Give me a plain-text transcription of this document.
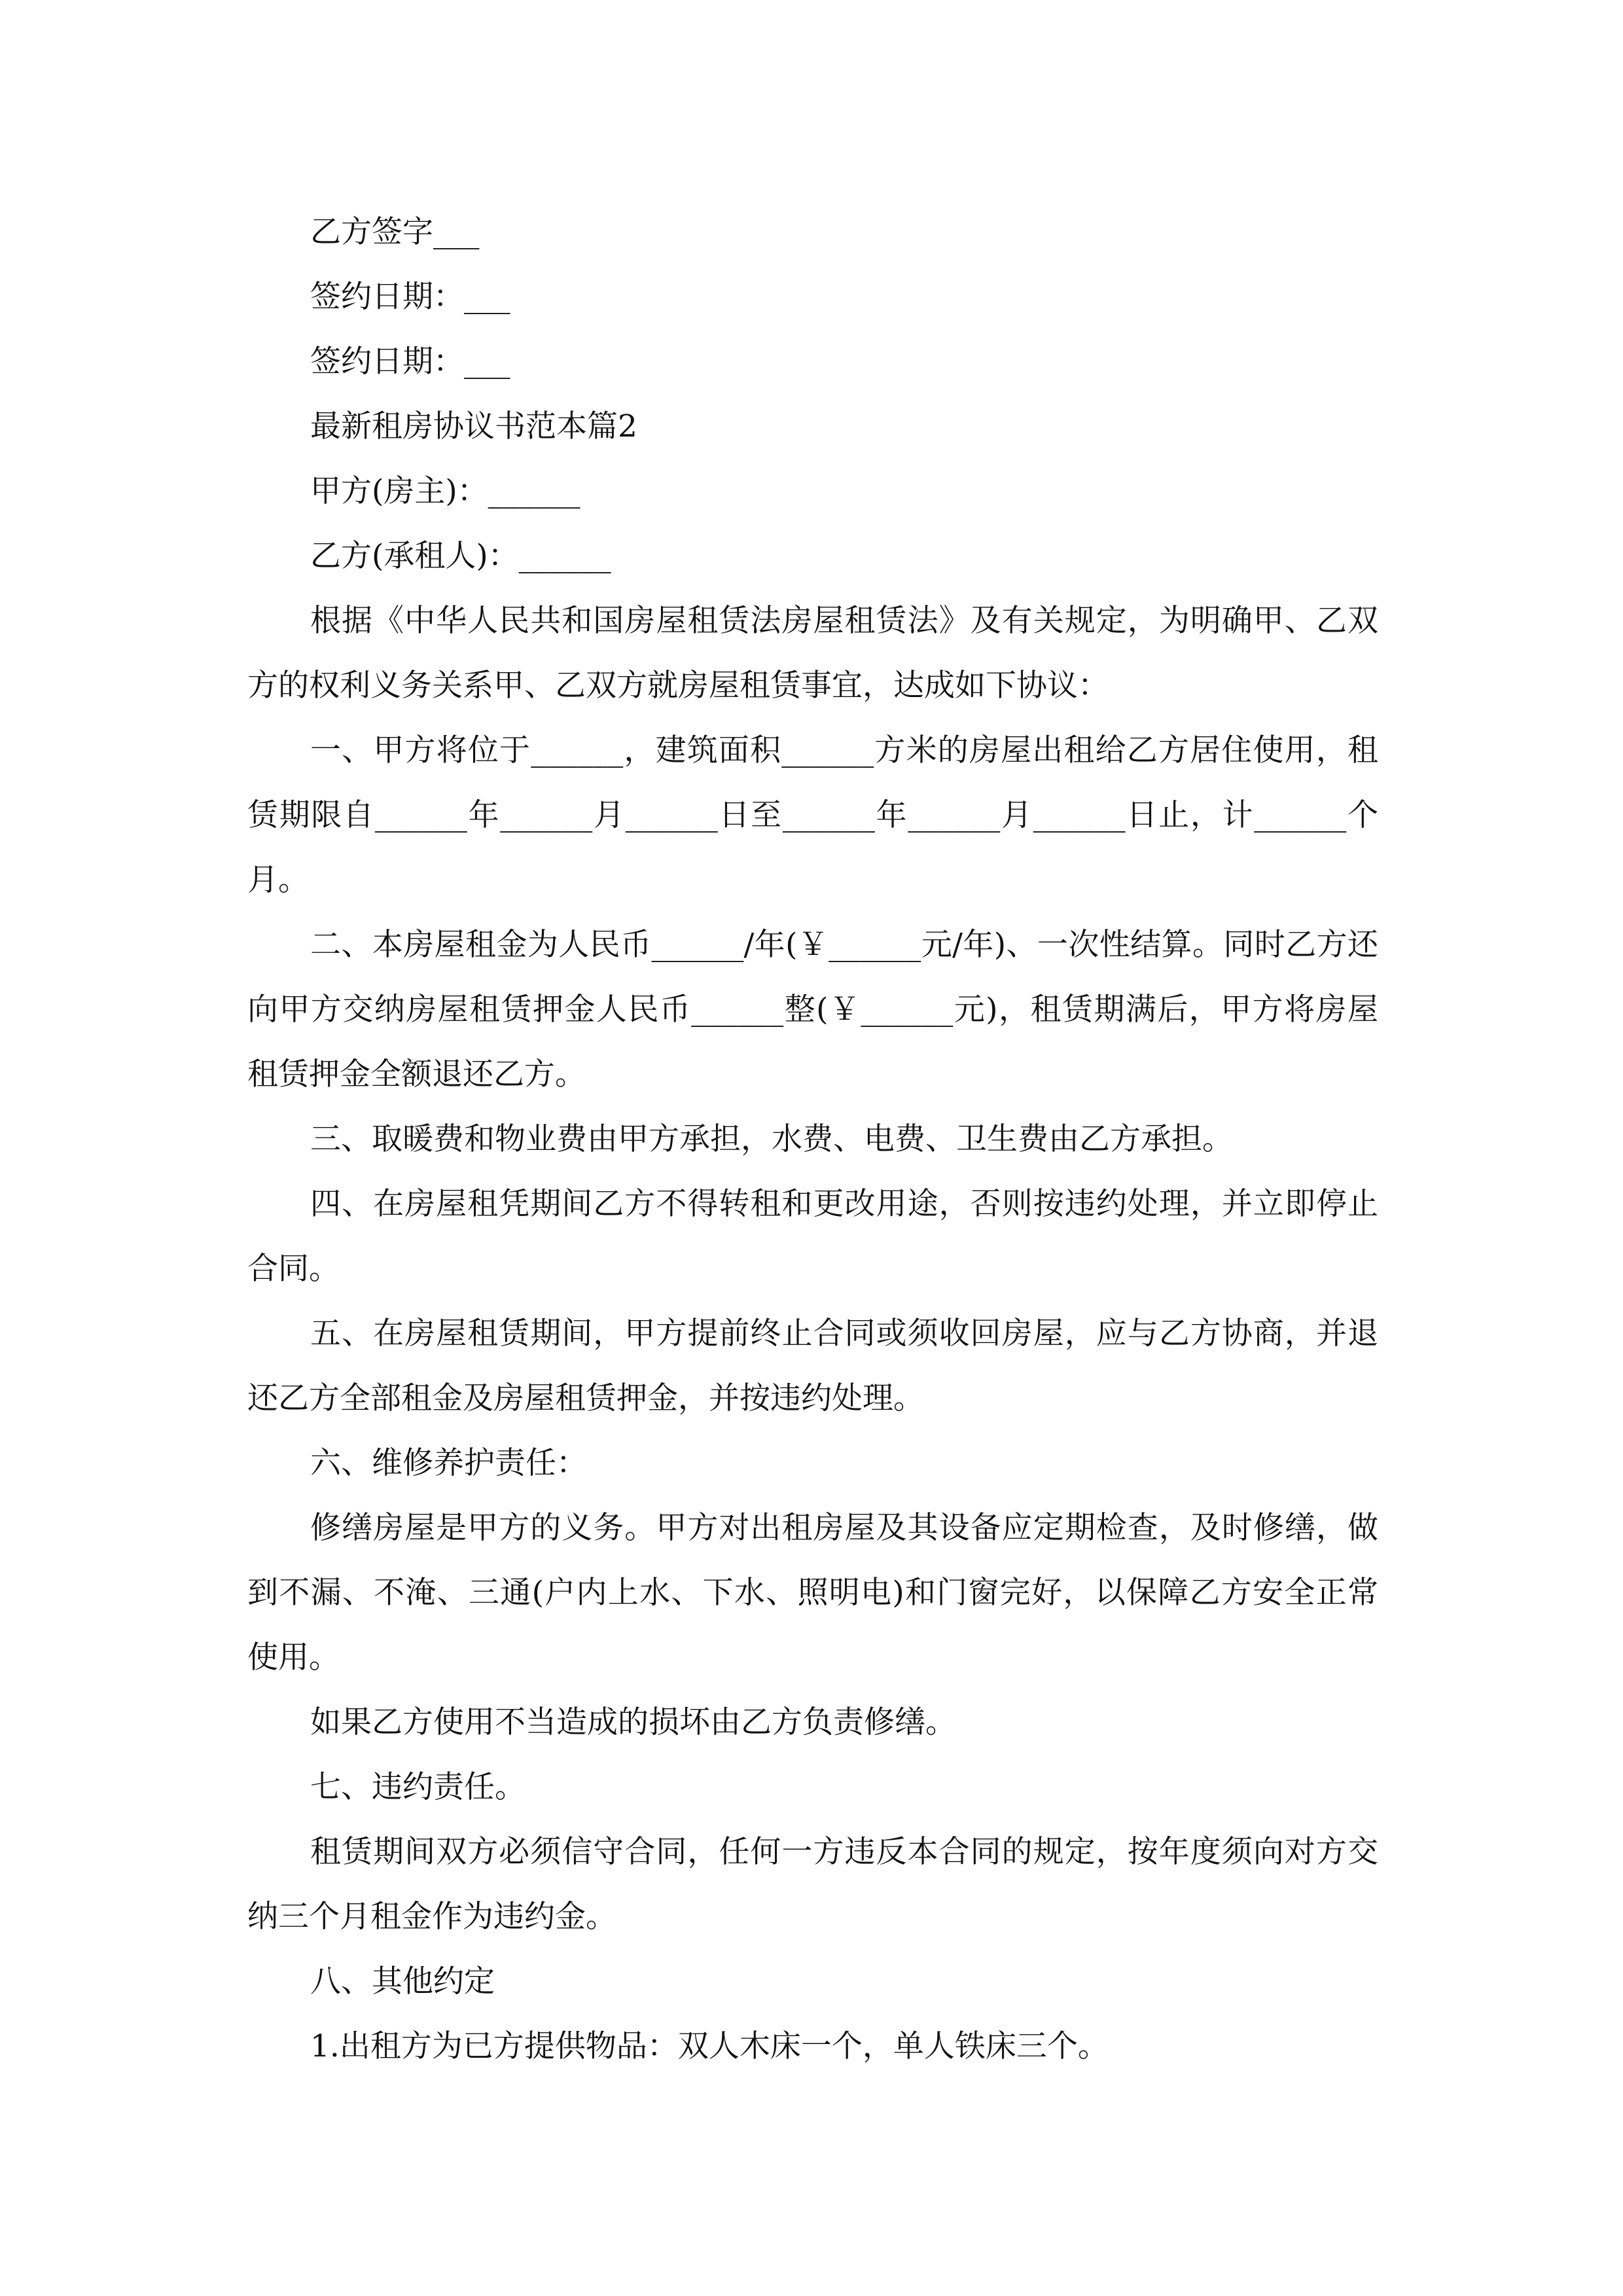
乙方签字___

签约日期：___

签约日期：___

最新租房协议书范本篇2

甲方(房主)：______

乙方(承租人)：______

根据《中华人民共和国房屋租赁法房屋租赁法》及有关规定，为明确甲、乙双方的权利义务关系甲、乙双方就房屋租赁事宜，达成如下协议：

一、甲方将位于______，建筑面积______方米的房屋出租给乙方居住使用，租赁期限自______年______月______日至______年______月______日止，计______个月。

二、本房屋租金为人民币______/年(￥______元/年)、一次性结算。同时乙方还向甲方交纳房屋租赁押金人民币______整(￥______元)，租赁期满后，甲方将房屋租赁押金全额退还乙方。

三、取暖费和物业费由甲方承担，水费、电费、卫生费由乙方承担。

四、在房屋租凭期间乙方不得转租和更改用途，否则按违约处理，并立即停止合同。

五、在房屋租赁期间，甲方提前终止合同或须收回房屋，应与乙方协商，并退还乙方全部租金及房屋租赁押金，并按违约处理。

六、维修养护责任：

修缮房屋是甲方的义务。甲方对出租房屋及其设备应定期检查，及时修缮，做到不漏、不淹、三通(户内上水、下水、照明电)和门窗完好，以保障乙方安全正常使用。

如果乙方使用不当造成的损坏由乙方负责修缮。

七、违约责任。

租赁期间双方必须信守合同，任何一方违反本合同的规定，按年度须向对方交纳三个月租金作为违约金。

八、其他约定

1.出租方为已方提供物品：双人木床一个，单人铁床三个。
